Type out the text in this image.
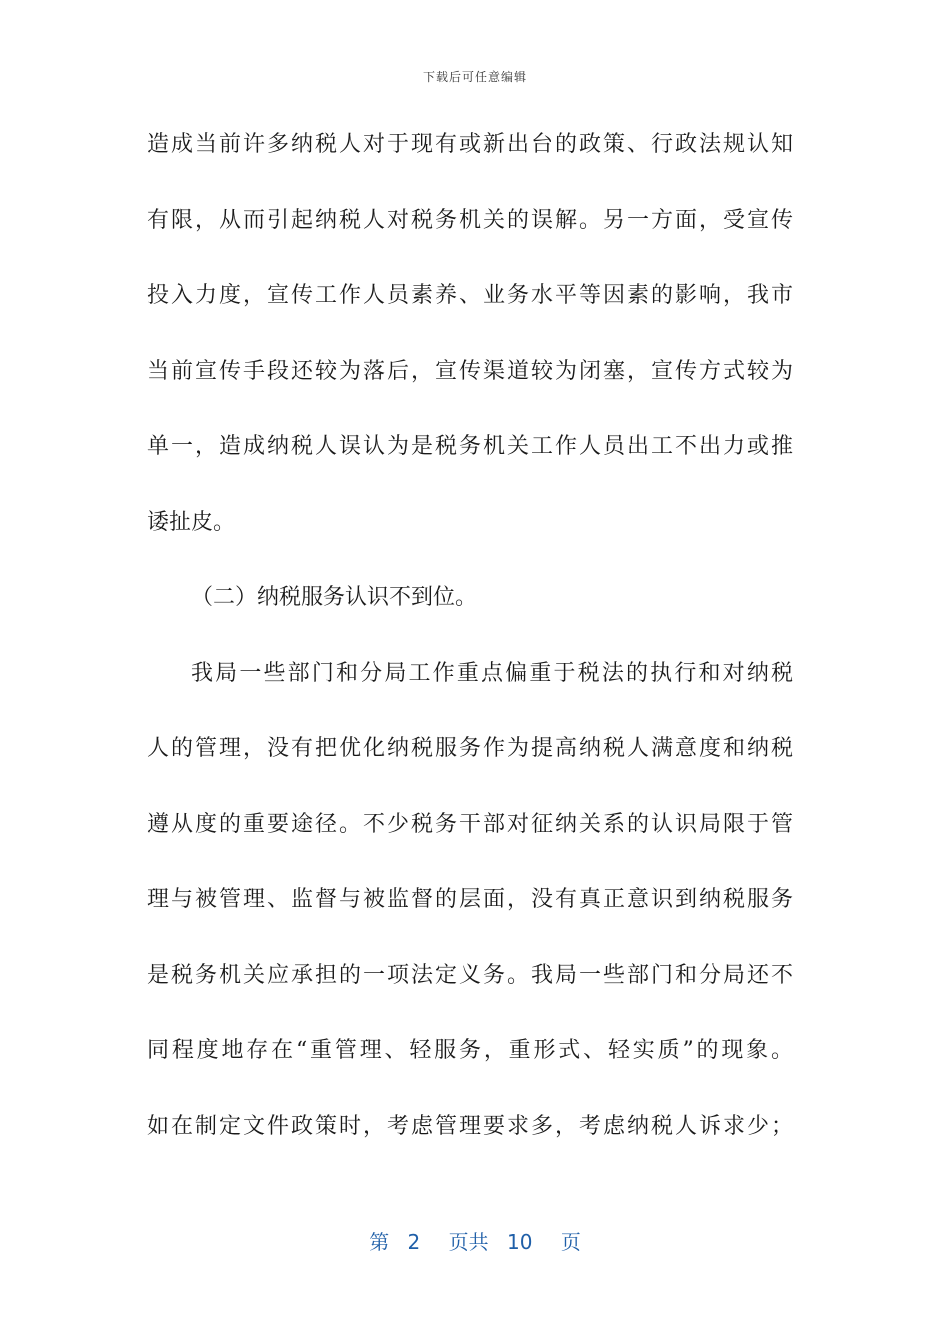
下载后可任意编辑
造成当前许多纳税人对于现有或新出台的政策、行政法规认知
有限，从而引起纳税人对税务机关的误解。另一方面，受宣传
投入力度，宣传工作人员素养、业务水平等因素的影响，我市
当前宣传手段还较为落后，宣传渠道较为闭塞，宣传方式较为
单一，造成纳税人误认为是税务机关工作人员出工不出力或推
诿扯皮。
（二）纳税服务认识不到位。
我局一些部门和分局工作重点偏重于税法的执行和对纳税
人的管理，没有把优化纳税服务作为提高纳税人满意度和纳税
遵从度的重要途径。不少税务干部对征纳关系的认识局限于管
理与被管理、监督与被监督的层面，没有真正意识到纳税服务
是税务机关应承担的一项法定义务。我局一些部门和分局还不
同程度地存在“重管理、轻服务，重形式、轻实质”的现象。
如在制定文件政策时，考虑管理要求多，考虑纳税人诉求少；
第 2 页共 10 页
